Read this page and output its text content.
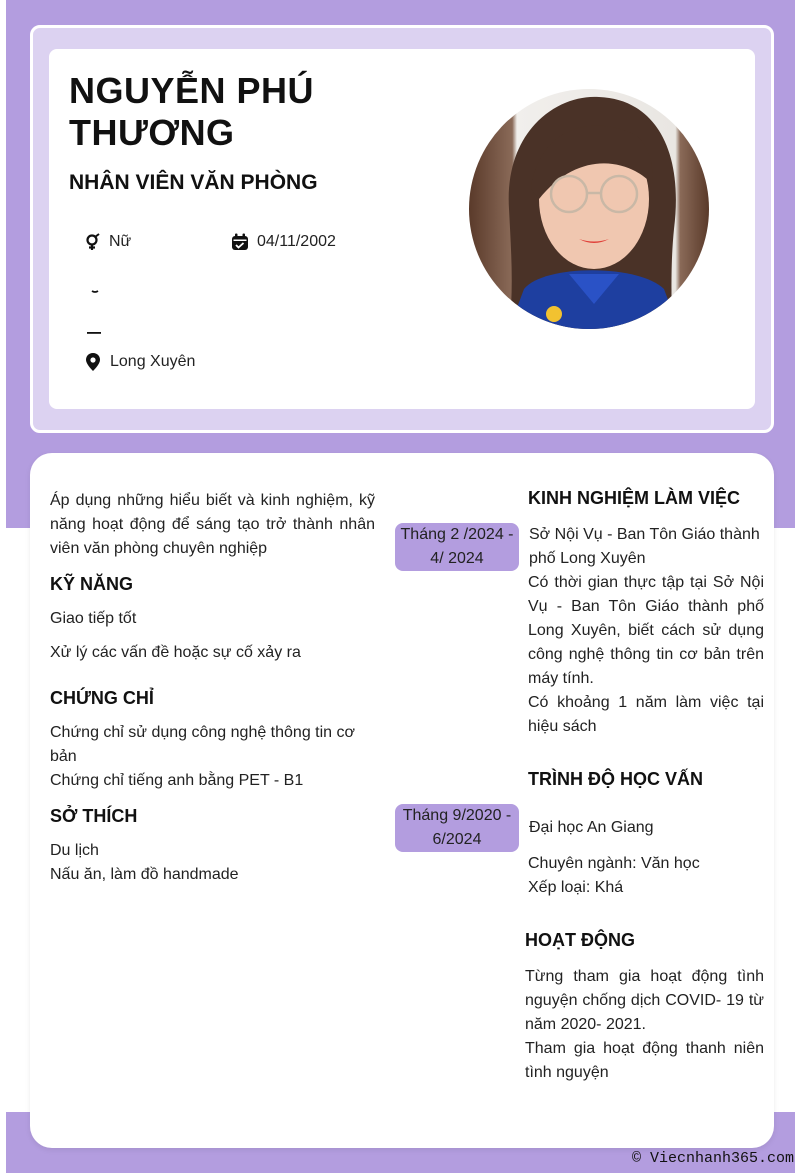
NGUYỄN PHÚ THƯƠNG
NHÂN VIÊN VĂN PHÒNG
Nữ	04/11/2002
Long Xuyên
Áp dụng những hiểu biết và kinh nghiệm, kỹ năng hoạt động để sáng tạo trở thành nhân viên văn phòng chuyên nghiệp
KỸ NĂNG
Giao tiếp tốt
Xử lý các vấn đề hoặc sự cố xảy ra
CHỨNG CHỈ
Chứng chỉ sử dụng công nghệ thông tin cơ bản
Chứng chỉ tiếng anh bằng PET - B1
SỞ THÍCH
Du lịch
Nấu ăn, làm đồ handmade
KINH NGHIỆM LÀM VIỆC
Tháng 2 /2024 - 4/ 2024
Sở Nội Vụ - Ban Tôn Giáo thành phố Long Xuyên
Có thời gian thực tập tại Sở Nội Vụ - Ban Tôn Giáo thành phố Long Xuyên, biết cách sử dụng công nghệ thông tin cơ bản trên máy tính.
Có khoảng 1 năm làm việc tại hiệu sách
TRÌNH ĐỘ HỌC VẤN
Tháng 9/2020 - 6/2024
Đại học An Giang
Chuyên ngành: Văn học
Xếp loại: Khá
HOẠT ĐỘNG
Từng tham gia hoạt động tình nguyện chống dịch COVID- 19 từ năm 2020- 2021.
Tham gia hoạt động thanh niên tình nguyện
© Viecnhanh365.com
